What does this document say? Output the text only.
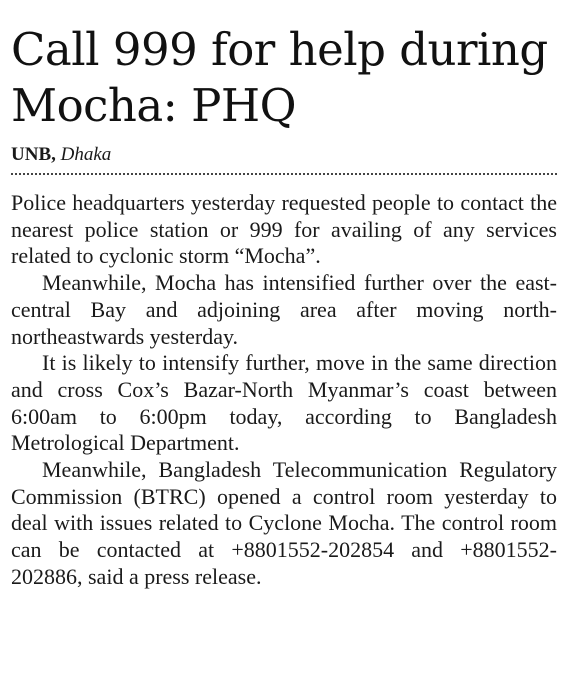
Call 999 for help during Mocha: PHQ
UNB, Dhaka

Police headquarters yesterday requested people to contact the nearest police station or 999 for availing of any services related to cyclonic storm “Mocha”.

Meanwhile, Mocha has intensified further over the east-central Bay and adjoining area after moving north-northeastwards yesterday.

It is likely to intensify further, move in the same direction and cross Cox’s Bazar-North Myanmar’s coast between 6:00am to 6:00pm today, according to Bangladesh Metrological Department.

Meanwhile, Bangladesh Telecommunication Regulatory Commission (BTRC) opened a control room yesterday to deal with issues related to Cyclone Mocha. The control room can be contacted at +8801552-202854 and +8801552-202886, said a press release.
